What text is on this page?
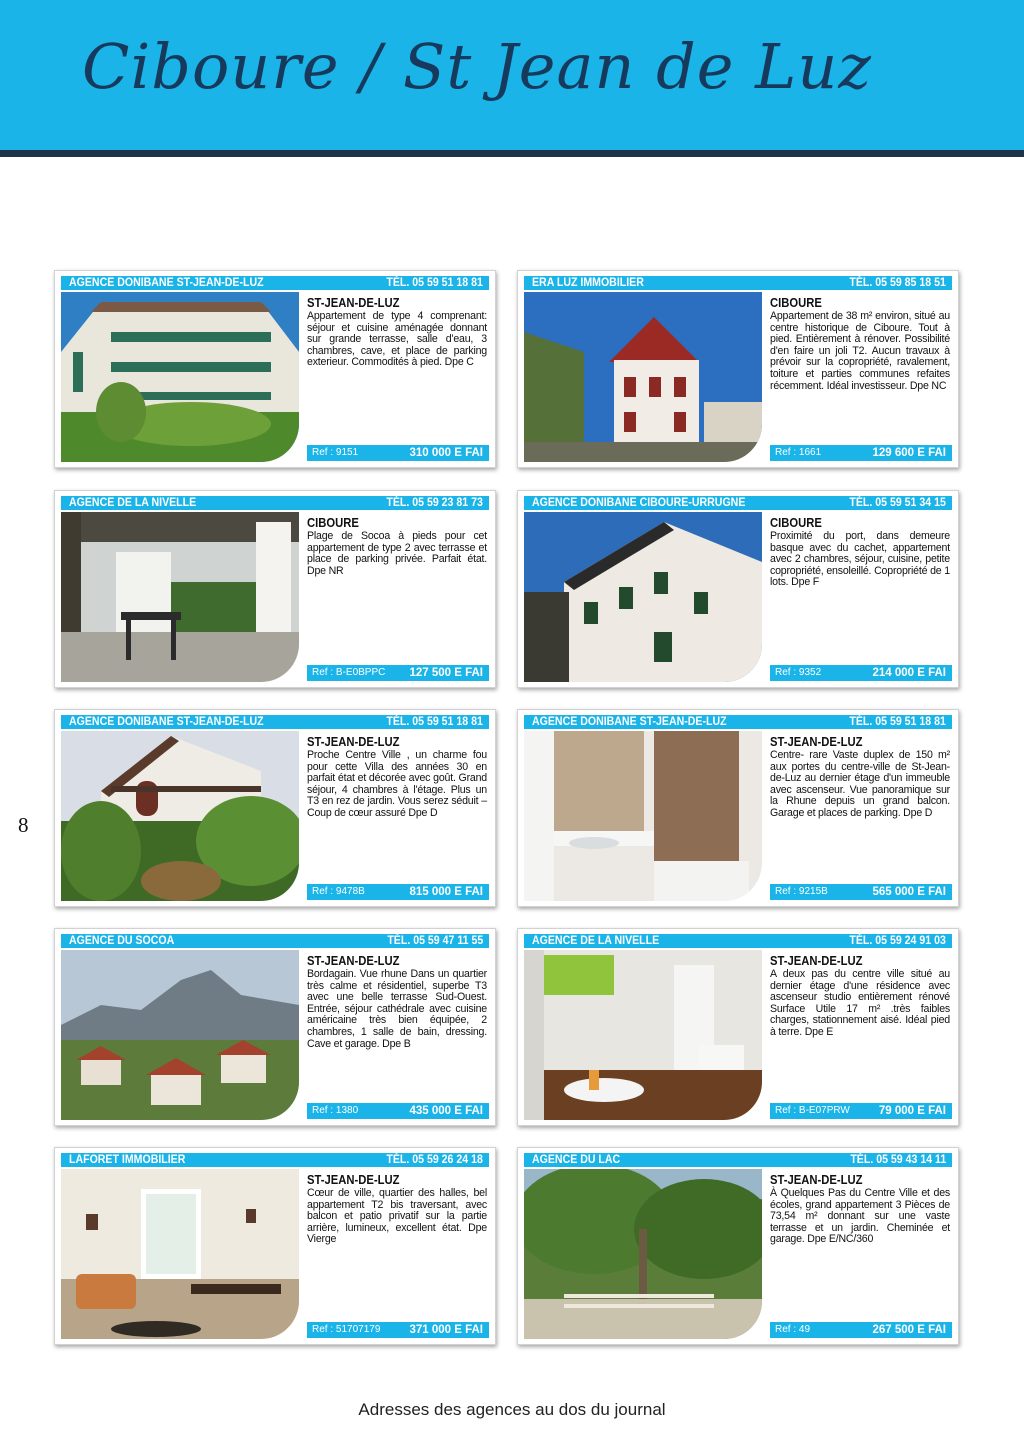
Ciboure / St Jean de Luz
8
AGENCE DONIBANE ST-JEAN-DE-LUZ	TÉL. 05 59 51 18 81
ST-JEAN-DE-LUZ
Appartement de type 4 comprenant: séjour et cuisine aménagée donnant sur grande terrasse, salle d'eau, 3 chambres, cave, et place de parking exterieur. Commodités à pied. Dpe C
Ref : 9151	310 000 E FAI
ERA LUZ IMMOBILIER	TÉL. 05 59 85 18 51
CIBOURE
Appartement de 38 m² environ, situé au centre historique de Ciboure. Tout à pied. Entièrement à rénover. Possibilité d'en faire un joli T2. Aucun travaux à prévoir sur la copropriété, ravalement, toiture et parties communes refaites récemment. Idéal investisseur. Dpe NC
Ref : 1661	129 600 E FAI
AGENCE DE LA NIVELLE	TÉL. 05 59 23 81 73
CIBOURE
Plage de Socoa à pieds pour cet appartement de type 2 avec terrasse et place de parking privée. Parfait état. Dpe NR
Ref : B-E0BPPC 127 500 E FAI
AGENCE DONIBANE CIBOURE-URRUGNE	TÉL. 05 59 51 34 15
CIBOURE
Proximité du port, dans demeure basque avec du cachet, appartement avec 2 chambres, séjour, cuisine, petite copropriété, ensoleillé. Copropriété de 1 lots. Dpe F
Ref : 9352	214 000 E FAI
AGENCE DONIBANE ST-JEAN-DE-LUZ	TÉL. 05 59 51 18 81
ST-JEAN-DE-LUZ
Proche Centre Ville , un charme fou pour cette Villa des années 30 en parfait état et décorée avec goût. Grand séjour, 4 chambres à l'étage. Plus un T3 en rez de jardin. Vous serez séduit – Coup de cœur assuré Dpe D
Ref : 9478B	815 000 E FAI
AGENCE DONIBANE ST-JEAN-DE-LUZ	TÉL. 05 59 51 18 81
ST-JEAN-DE-LUZ
Centre- rare Vaste duplex de 150 m² aux portes du centre-ville de St-Jean-de-Luz au dernier étage d'un immeuble avec ascenseur. Vue panoramique sur la Rhune depuis un grand balcon. Garage et places de parking. Dpe D
Ref : 9215B	565 000 E FAI
AGENCE DU SOCOA	TÉL. 05 59 47 11 55
ST-JEAN-DE-LUZ
Bordagain. Vue rhune Dans un quartier très calme et résidentiel, superbe T3 avec une belle terrasse Sud-Ouest. Entrée, séjour cathédrale avec cuisine américaine très bien équipée, 2 chambres, 1 salle de bain, dressing. Cave et garage. Dpe B
Ref : 1380	435 000 E FAI
AGENCE DE LA NIVELLE	TÉL. 05 59 24 91 03
ST-JEAN-DE-LUZ
A deux pas du centre ville situé au dernier étage d'une résidence avec ascenseur studio entièrement rénové Surface Utile 17 m² .très faibles charges, stationnement aisé. Idéal pied à terre. Dpe E
Ref : B-E07PRW	79 000 E FAI
LAFORET IMMOBILIER	TÉL. 05 59 26 24 18
ST-JEAN-DE-LUZ
Cœur de ville, quartier des halles, bel appartement T2 bis traversant, avec balcon et patio privatif sur la partie arrière, lumineux, excellent état. Dpe Vierge
Ref : 51707179	371 000 E FAI
AGENCE DU LAC	TÉL. 05 59 43 14 11
ST-JEAN-DE-LUZ
À Quelques Pas du Centre Ville et des écoles, grand appartement 3 Pièces de 73,54 m² donnant sur une vaste terrasse et un jardin. Cheminée et garage. Dpe E/NC/360
Ref : 49	267 500 E FAI
Adresses des agences au dos du journal
